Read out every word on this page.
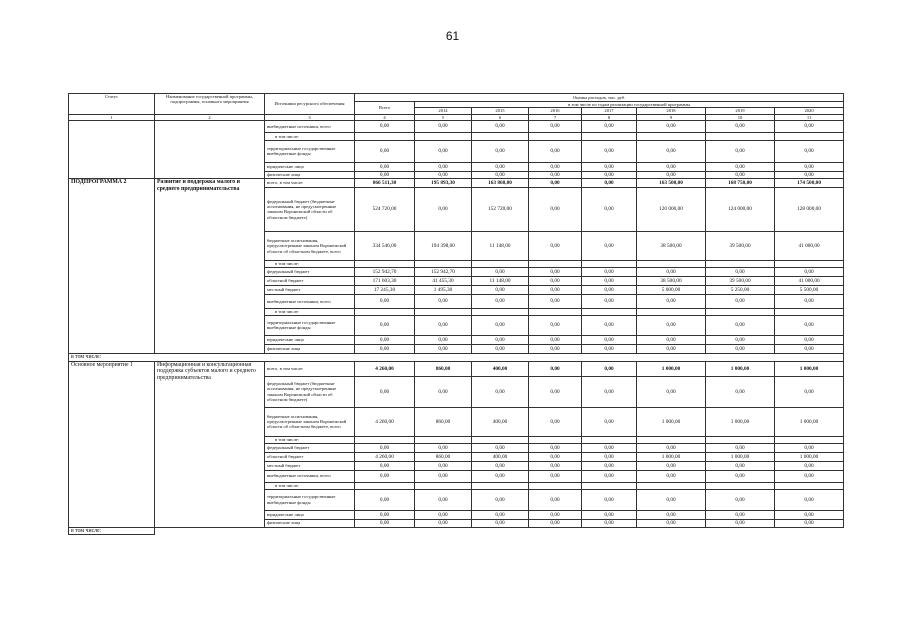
61
Статус	Наименование государственной программы, подпрограммы, основного мероприятия	Источники ресурсного обеспечения	Оценка расходов, тыс. руб.							
			Всего	в том числе по годам реализации государственной программы						
				2014	2015	2016	2017	2018	2019	2020
1	2	3	4	5	6	7	8	9	10	11
		внебюджетные источники, всего	0,00	0,00	0,00	0,00	0,00	0,00	0,00	0,00
		в том числе:								
		территориальные государственные внебюджетные фонды	0,00	0,00	0,00	0,00	0,00	0,00	0,00	0,00
		юридические лица	0,00	0,00	0,00	0,00	0,00	0,00	0,00	0,00
		физические лица	0,00	0,00	0,00	0,00	0,00	0,00	0,00	0,00
ПОДПРОГРАММА 2	Развитие и поддержка малого и среднего предпринимательства	всего, в том числе:	866 511,30	195 893,30	163 868,00	0,00	0,00	163 500,00	168 750,00	174 500,00
		федеральный бюджет (бюджетные ассигнования, не предусмотренные законом Воронежской области об областном бюджете)	524 720,00	0,00	152 720,00	0,00	0,00	120 000,00	124 000,00	128 000,00
		бюджетные ассигнования, предусмотренные законом Воронежской области об областном бюджете, всего	334 546,00	194 398,00	11 148,00	0,00	0,00	38 500,00	39 500,00	41 000,00
		в том числе:								
		федеральный бюджет	152 942,70	152 942,70	0,00	0,00	0,00	0,00	0,00	0,00
		областной бюджет	171 603,30	41 455,30	11 148,00	0,00	0,00	38 500,00	39 500,00	41 000,00
		местный бюджет	17 245,30	1 495,30	0,00	0,00	0,00	5 000,00	5 250,00	5 500,00
		внебюджетные источники, всего	0,00	0,00	0,00	0,00	0,00	0,00	0,00	0,00
		в том числе:								
		территориальные государственные внебюджетные фонды	0,00	0,00	0,00	0,00	0,00	0,00	0,00	0,00
		юридические лица	0,00	0,00	0,00	0,00	0,00	0,00	0,00	0,00
		физические лица	0,00	0,00	0,00	0,00	0,00	0,00	0,00	0,00
в том числе:										
Основное мероприятие 1	Информационная и консультационная поддержка субъектов малого и среднего предпринимательства	всего, в том числе:	4 260,00	860,00	400,00	0,00	0,00	1 000,00	1 000,00	1 000,00
		федеральный бюджет (бюджетные ассигнования, не предусмотренные законом Воронежской области об областном бюджете)	0,00	0,00	0,00	0,00	0,00	0,00	0,00	0,00
		бюджетные ассигнования, предусмотренные законом Воронежской области об областном бюджете, всего	4 260,00	860,00	400,00	0,00	0,00	1 000,00	1 000,00	1 000,00
		в том числе:								
		федеральный бюджет	0,00	0,00	0,00	0,00	0,00	0,00	0,00	0,00
		областной бюджет	4 260,00	860,00	400,00	0,00	0,00	1 000,00	1 000,00	1 000,00
		местный бюджет	0,00	0,00	0,00	0,00	0,00	0,00	0,00	0,00
		внебюджетные источники, всего	0,00	0,00	0,00	0,00	0,00	0,00	0,00	0,00
		в том числе:								
		территориальные государственные внебюджетные фонды	0,00	0,00	0,00	0,00	0,00	0,00	0,00	0,00
		юридические лица	0,00	0,00	0,00	0,00	0,00	0,00	0,00	0,00
		физические лица	0,00	0,00	0,00	0,00	0,00	0,00	0,00	0,00
в том числе:										
